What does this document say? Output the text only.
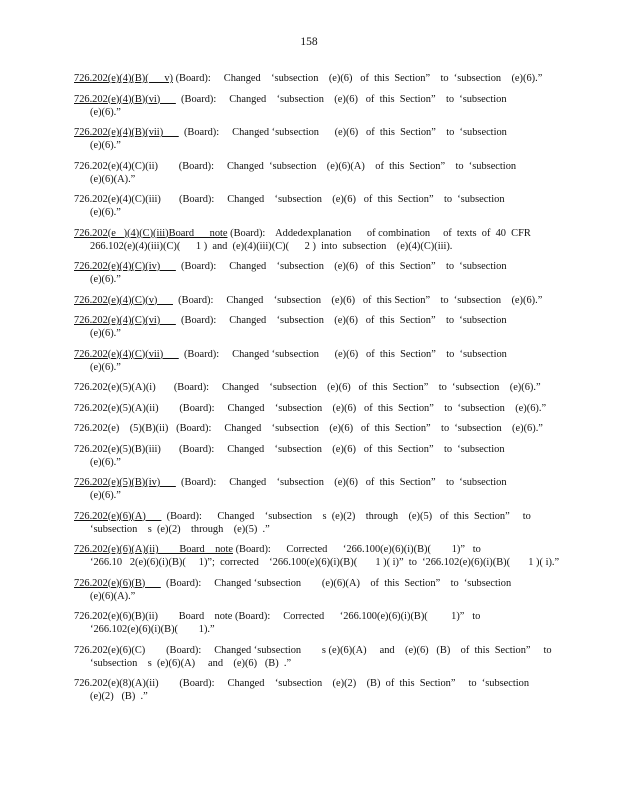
158
726.202(e)(4)(B)(      v) (Board):     Changed    ‘subsection    (e)(6)   of  this  Section”    to  ‘subsection    (e)(6).”
726.202(e)(4)(B)(vi)        (Board):     Changed    ‘subsection    (e)(6)   of  this  Section”    to  ‘subsection
(e)(6).”
726.202(e)(4)(B)(vii)        (Board):     Changed ‘subsection      (e)(6)   of  this  Section”    to  ‘subsection
(e)(6).”
726.202(e)(4)(C)(ii)        (Board):     Changed  ‘subsection    (e)(6)(A)    of  this  Section”    to  ‘subsection
(e)(6)(A).”
726.202(e)(4)(C)(iii)       (Board):     Changed    ‘subsection    (e)(6)   of  this  Section”    to  ‘subsection
(e)(6).”
726.202(e   )(4)(C)(iii)Board      note (Board):    Addedexplanation      of combination     of  texts  of  40  CFR
266.102(e)(4)(iii)(C)(      1 )  and  (e)(4)(iii)(C)(      2 )  into  subsection    (e)(4)(C)(iii).
726.202(e)(4)(C)(iv)        (Board):     Changed    ‘subsection    (e)(6)   of  this  Section”    to  ‘subsection
(e)(6).”
726.202(e)(4)(C)(v)        (Board):     Changed    ‘subsection    (e)(6)   of  this Section”    to  ‘subsection    (e)(6).”
726.202(e)(4)(C)(vi)        (Board):     Changed    ‘subsection    (e)(6)   of  this  Section”    to  ‘subsection
(e)(6).”
726.202(e)(4)(C)(vii)        (Board):     Changed ‘subsection      (e)(6)   of  this  Section”    to  ‘subsection
(e)(6).”
726.202(e)(5)(A)(i)       (Board):     Changed    ‘subsection    (e)(6)   of  this  Section”    to  ‘subsection    (e)(6).”
726.202(e)(5)(A)(ii)        (Board):     Changed    ‘subsection    (e)(6)   of  this  Section”    to  ‘subsection    (e)(6).”
726.202(e)    (5)(B)(ii)   (Board):     Changed    ‘subsection    (e)(6)   of  this  Section”    to  ‘subsection    (e)(6).”
726.202(e)(5)(B)(iii)       (Board):     Changed    ‘subsection    (e)(6)   of  this  Section”    to  ‘subsection
(e)(6).”
726.202(e)(5)(B)(iv)        (Board):     Changed    ‘subsection    (e)(6)   of  this  Section”    to  ‘subsection
(e)(6).”
726.202(e)(6)(A)        (Board):      Changed    ‘subsection    s  (e)(2)    through    (e)(5)   of  this  Section”     to
‘subsection    s  (e)(2)    through    (e)(5)  .”
726.202(e)(6)(A)(ii)        Board    note (Board):      Corrected      ‘266.100(e)(6)(i)(B)(        1)”   to
‘266.10   2(e)(6)(i)(B)(     1)”;  corrected    ‘266.100(e)(6)(i)(B)(       1 )( i)”  to  ‘266.102(e)(6)(i)(B)(       1 )( i).”
726.202(e)(6)(B)        (Board):     Changed ‘subsection        (e)(6)(A)    of  this  Section”    to  ‘subsection
(e)(6)(A).”
726.202(e)(6)(B)(ii)        Board    note (Board):     Corrected      ‘266.100(e)(6)(i)(B)(         1)”   to
‘266.102(e)(6)(i)(B)(        1).”
726.202(e)(6)(C)        (Board):     Changed ‘subsection        s (e)(6)(A)     and    (e)(6)   (B)    of  this  Section”     to
‘subsection    s  (e)(6)(A)     and    (e)(6)   (B)  .”
726.202(e)(8)(A)(ii)        (Board):     Changed    ‘subsection    (e)(2)    (B)  of  this  Section”     to  ‘subsection
(e)(2)   (B)  .”
